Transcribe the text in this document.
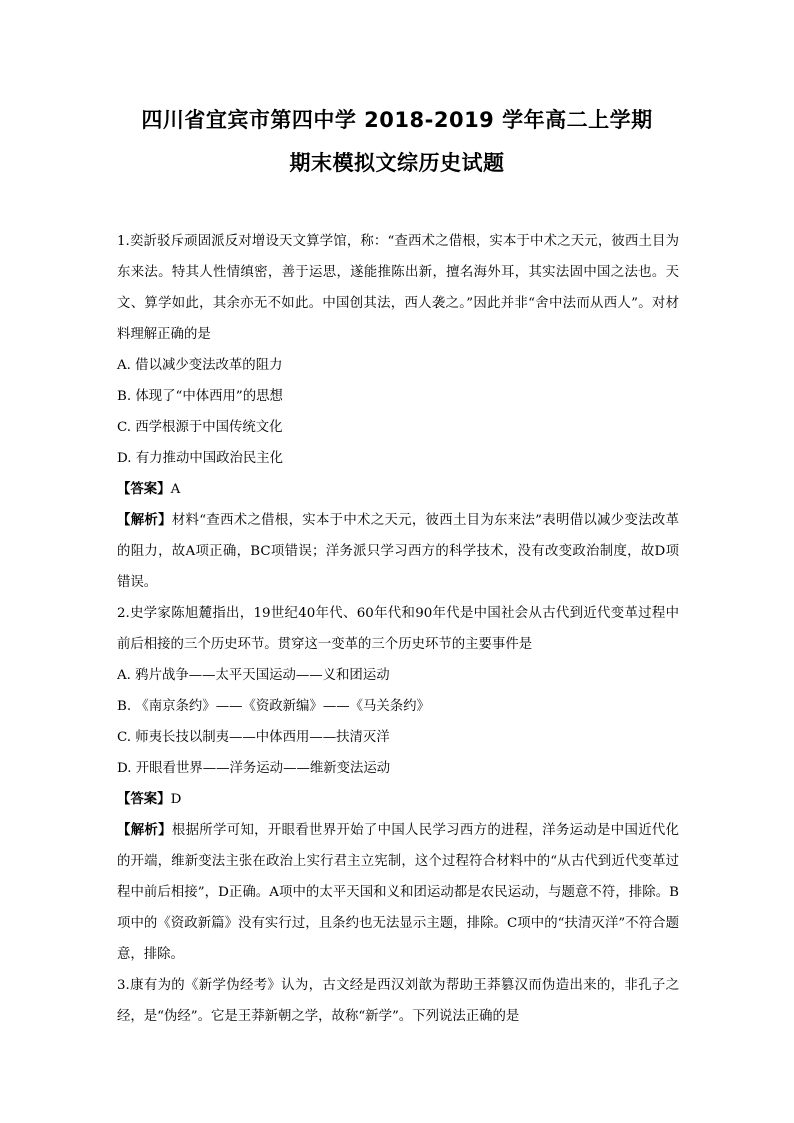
四川省宜宾市第四中学 2018-2019 学年高二上学期
期末模拟文综历史试题

1.奕訢驳斥顽固派反对增设天文算学馆，称：“查西术之借根，实本于中术之天元，彼西土目为东来法。特其人性情缜密，善于运思，遂能推陈出新，擅名海外耳，其实法固中国之法也。天文、算学如此，其余亦无不如此。中国创其法，西人袭之。”因此并非“舍中法而从西人”。对材料理解正确的是

A. 借以减少变法改革的阻力

B. 体现了“中体西用”的思想

C. 西学根源于中国传统文化

D. 有力推动中国政治民主化

【答案】A

【解析】材料“查西术之借根，实本于中术之天元，彼西土目为东来法”表明借以减少变法改革的阻力，故A项正确，BC项错误；洋务派只学习西方的科学技术，没有改变政治制度，故D项错误。

2.史学家陈旭麓指出，19世纪40年代、60年代和90年代是中国社会从古代到近代变革过程中前后相接的三个历史环节。贯穿这一变革的三个历史环节的主要事件是

A. 鸦片战争——太平天国运动——义和团运动

B. 《南京条约》——《资政新编》——《马关条约》

C. 师夷长技以制夷——中体西用——扶清灭洋

D. 开眼看世界——洋务运动——维新变法运动

【答案】D

【解析】根据所学可知，开眼看世界开始了中国人民学习西方的进程，洋务运动是中国近代化的开端，维新变法主张在政治上实行君主立宪制，这个过程符合材料中的“从古代到近代变革过程中前后相接”，D正确。A项中的太平天国和义和团运动都是农民运动，与题意不符，排除。B项中的《资政新篇》没有实行过，且条约也无法显示主题，排除。C项中的“扶清灭洋”不符合题意，排除。

3.康有为的《新学伪经考》认为，古文经是西汉刘歆为帮助王莽篡汉而伪造出来的，非孔子之经，是“伪经”。它是王莽新朝之学，故称“新学”。下列说法正确的是
